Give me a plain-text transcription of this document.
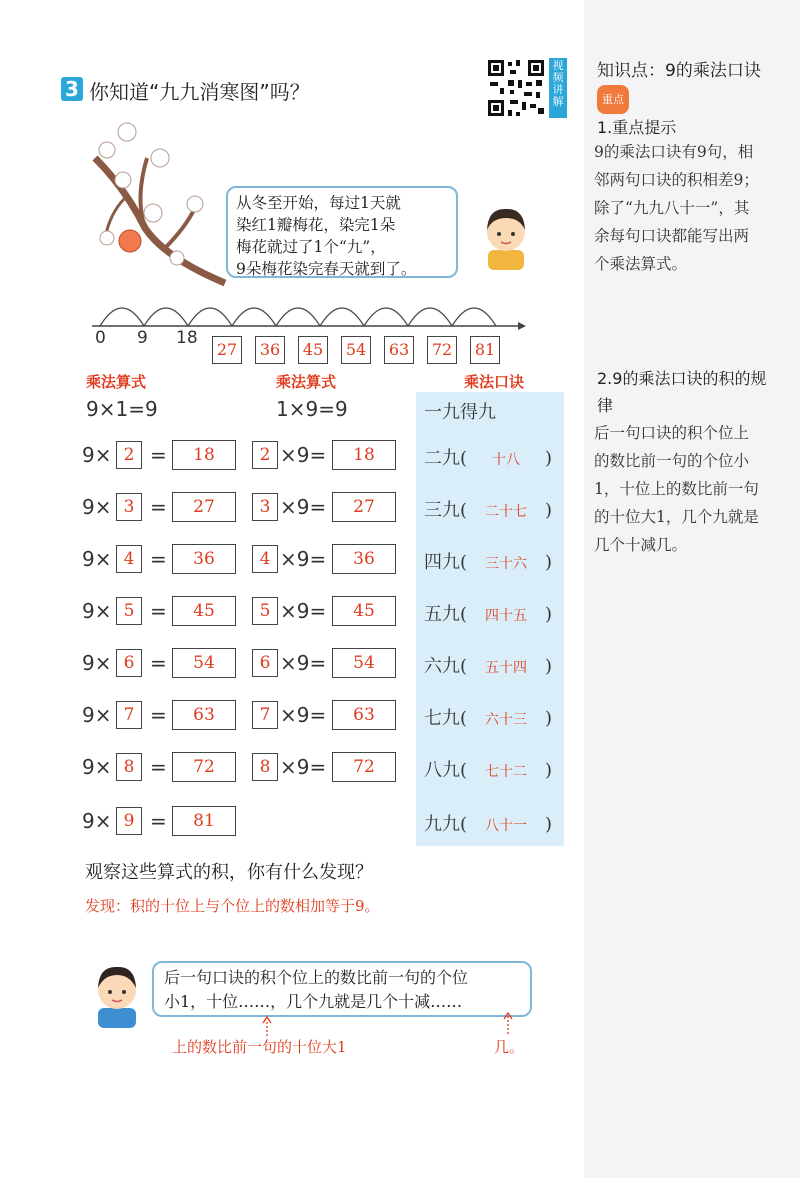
3 你知道“九九消寒图”吗？
视频讲解
从冬至开始，每过1天就
染红1瓣梅花，染完1朵
梅花就过了1个“九”，
9朵梅花染完春天就到了。
0 9 18
27	36	45	54	63	72	81
乘法算式	乘法算式	乘法口诀
9×1=9	1×9=9	一九得九
9× 2 =	18	2 ×9=	18	二九( 十八 )
9× 3 =	27	3 ×9=	27	三九( 二十七 )
9× 4 =	36	4 ×9=	36	四九( 三十六 )
9× 5 =	45	5 ×9=	45	五九( 四十五 )
9× 6 =	54	6 ×9=	54	六九( 五十四 )
9× 7 =	63	7 ×9=	63	七九( 六十三 )
9× 8 =	72	8 ×9=	72	八九( 七十二 )
9× 9 =	81	九九( 八十一 )
观察这些算式的积，你有什么发现？
发现：积的十位上与个位上的数相加等于9。
后一句口诀的积个位上的数比前一句的个位
小1，十位……，几个九就是几个十减……
上的数比前一句的十位大1	几。
知识点：9的乘法口诀 重点
1.重点提示
9的乘法口诀有9句，相邻两句口诀的积相差9；除了“九九八十一”，其余每句口诀都能写出两个乘法算式。
2.9的乘法口诀的积的规律
后一句口诀的积个位上的数比前一句的个位小1，十位上的数比前一句的十位大1，几个九就是几个十减几。
